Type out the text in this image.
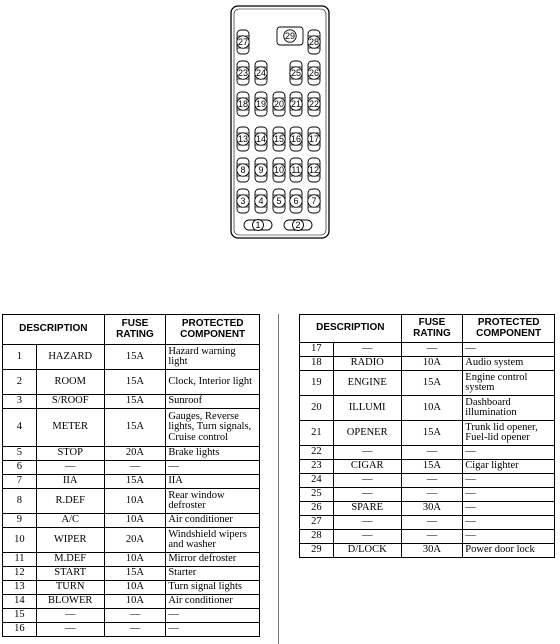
29
27	28
23 24	25 26
18 19 20 21 22
13 14 15 16 17
8 9 10 11 12
3 4 5 6 7
1	2
DESCRIPTION		FUSE RATING	PROTECTED COMPONENT
1	HAZARD	15A	Hazard warning light
2	ROOM	15A	Clock, Interior light
3	S/ROOF	15A	Sunroof
4	METER	15A	Gauges, Reverse lights, Turn signals, Cruise control
5	STOP	20A	Brake lights
6	—	—	—
7	IIA	15A	IIA
8	R.DEF	10A	Rear window defroster
9	A/C	10A	Air conditioner
10	WIPER	20A	Windshield wipers and washer
11	M.DEF	10A	Mirror defroster
12	START	15A	Starter
13	TURN	10A	Turn signal lights
14	BLOWER	10A	Air conditioner
15	—	—	—
16	—	—	—
DESCRIPTION		FUSE RATING	PROTECTED COMPONENT
17	—	—	—
18	RADIO	10A	Audio system
19	ENGINE	15A	Engine control system
20	ILLUMI	10A	Dashboard illumination
21	OPENER	15A	Trunk lid opener, Fuel-lid opener
22	—	—	—
23	CIGAR	15A	Cigar lighter
24	—	—	—
25	—	—	—
26	SPARE	30A	—
27	—	—	—
28	—	—	—
29	D/LOCK	30A	Power door lock
